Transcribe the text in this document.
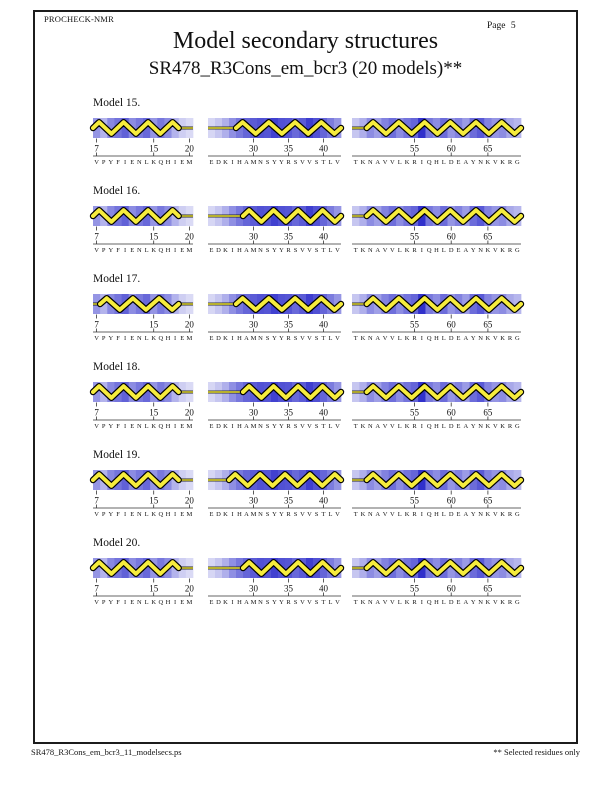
PROCHECK-NMR
Page 5
Model secondary structures
SR478_R3Cons_em_bcr3 (20 models)**
Model 15.
7	15	20
V P Y F I E N L K Q H I E M
30	35	40
E D K I H A M N S Y Y R S V V S T L V
55	60	65
T K N A V V L K R I Q H L D E A Y N K V K R G
Model 16.
7	15	20
V P Y F I E N L K Q H I E M
30	35	40
E D K I H A M N S Y Y R S V V S T L V
55	60	65
T K N A V V L K R I Q H L D E A Y N K V K R G
Model 17.
7	15	20
V P Y F I E N L K Q H I E M
30	35	40
E D K I H A M N S Y Y R S V V S T L V
55	60	65
T K N A V V L K R I Q H L D E A Y N K V K R G
Model 18.
7	15	20
V P Y F I E N L K Q H I E M
30	35	40
E D K I H A M N S Y Y R S V V S T L V
55	60	65
T K N A V V L K R I Q H L D E A Y N K V K R G
Model 19.
7	15	20
V P Y F I E N L K Q H I E M
30	35	40
E D K I H A M N S Y Y R S V V S T L V
55	60	65
T K N A V V L K R I Q H L D E A Y N K V K R G
Model 20.
7	15	20
V P Y F I E N L K Q H I E M
30	35	40
E D K I H A M N S Y Y R S V V S T L V
55	60	65
T K N A V V L K R I Q H L D E A Y N K V K R G
SR478_R3Cons_em_bcr3_11_modelsecs.ps	** Selected residues only
